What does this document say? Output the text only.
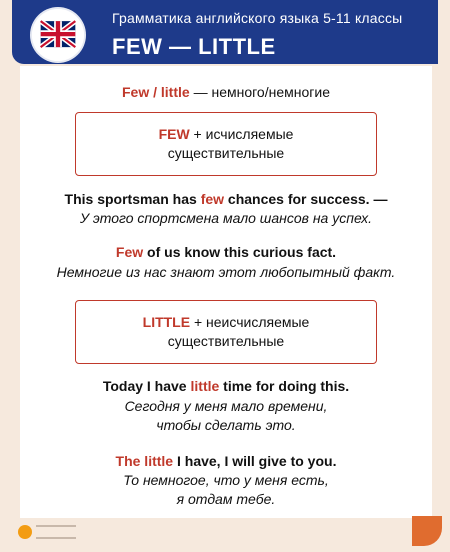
Грамматика английского языка 5-11 классы
FEW — LITTLE
Few / little — немного/немногие
FEW + исчисляемые
существительные
This sportsman has few chances for success. —
У этого спортсмена мало шансов на успех.
Few of us know this curious fact.
Немногие из нас знают этот любопытный факт.
LITTLE + неисчисляемые
существительные
Today I have little time for doing this.
Сегодня у меня мало времени,
чтобы сделать это.
The little I have, I will give to you.
То немногое, что у меня есть,
я отдам тебе.
